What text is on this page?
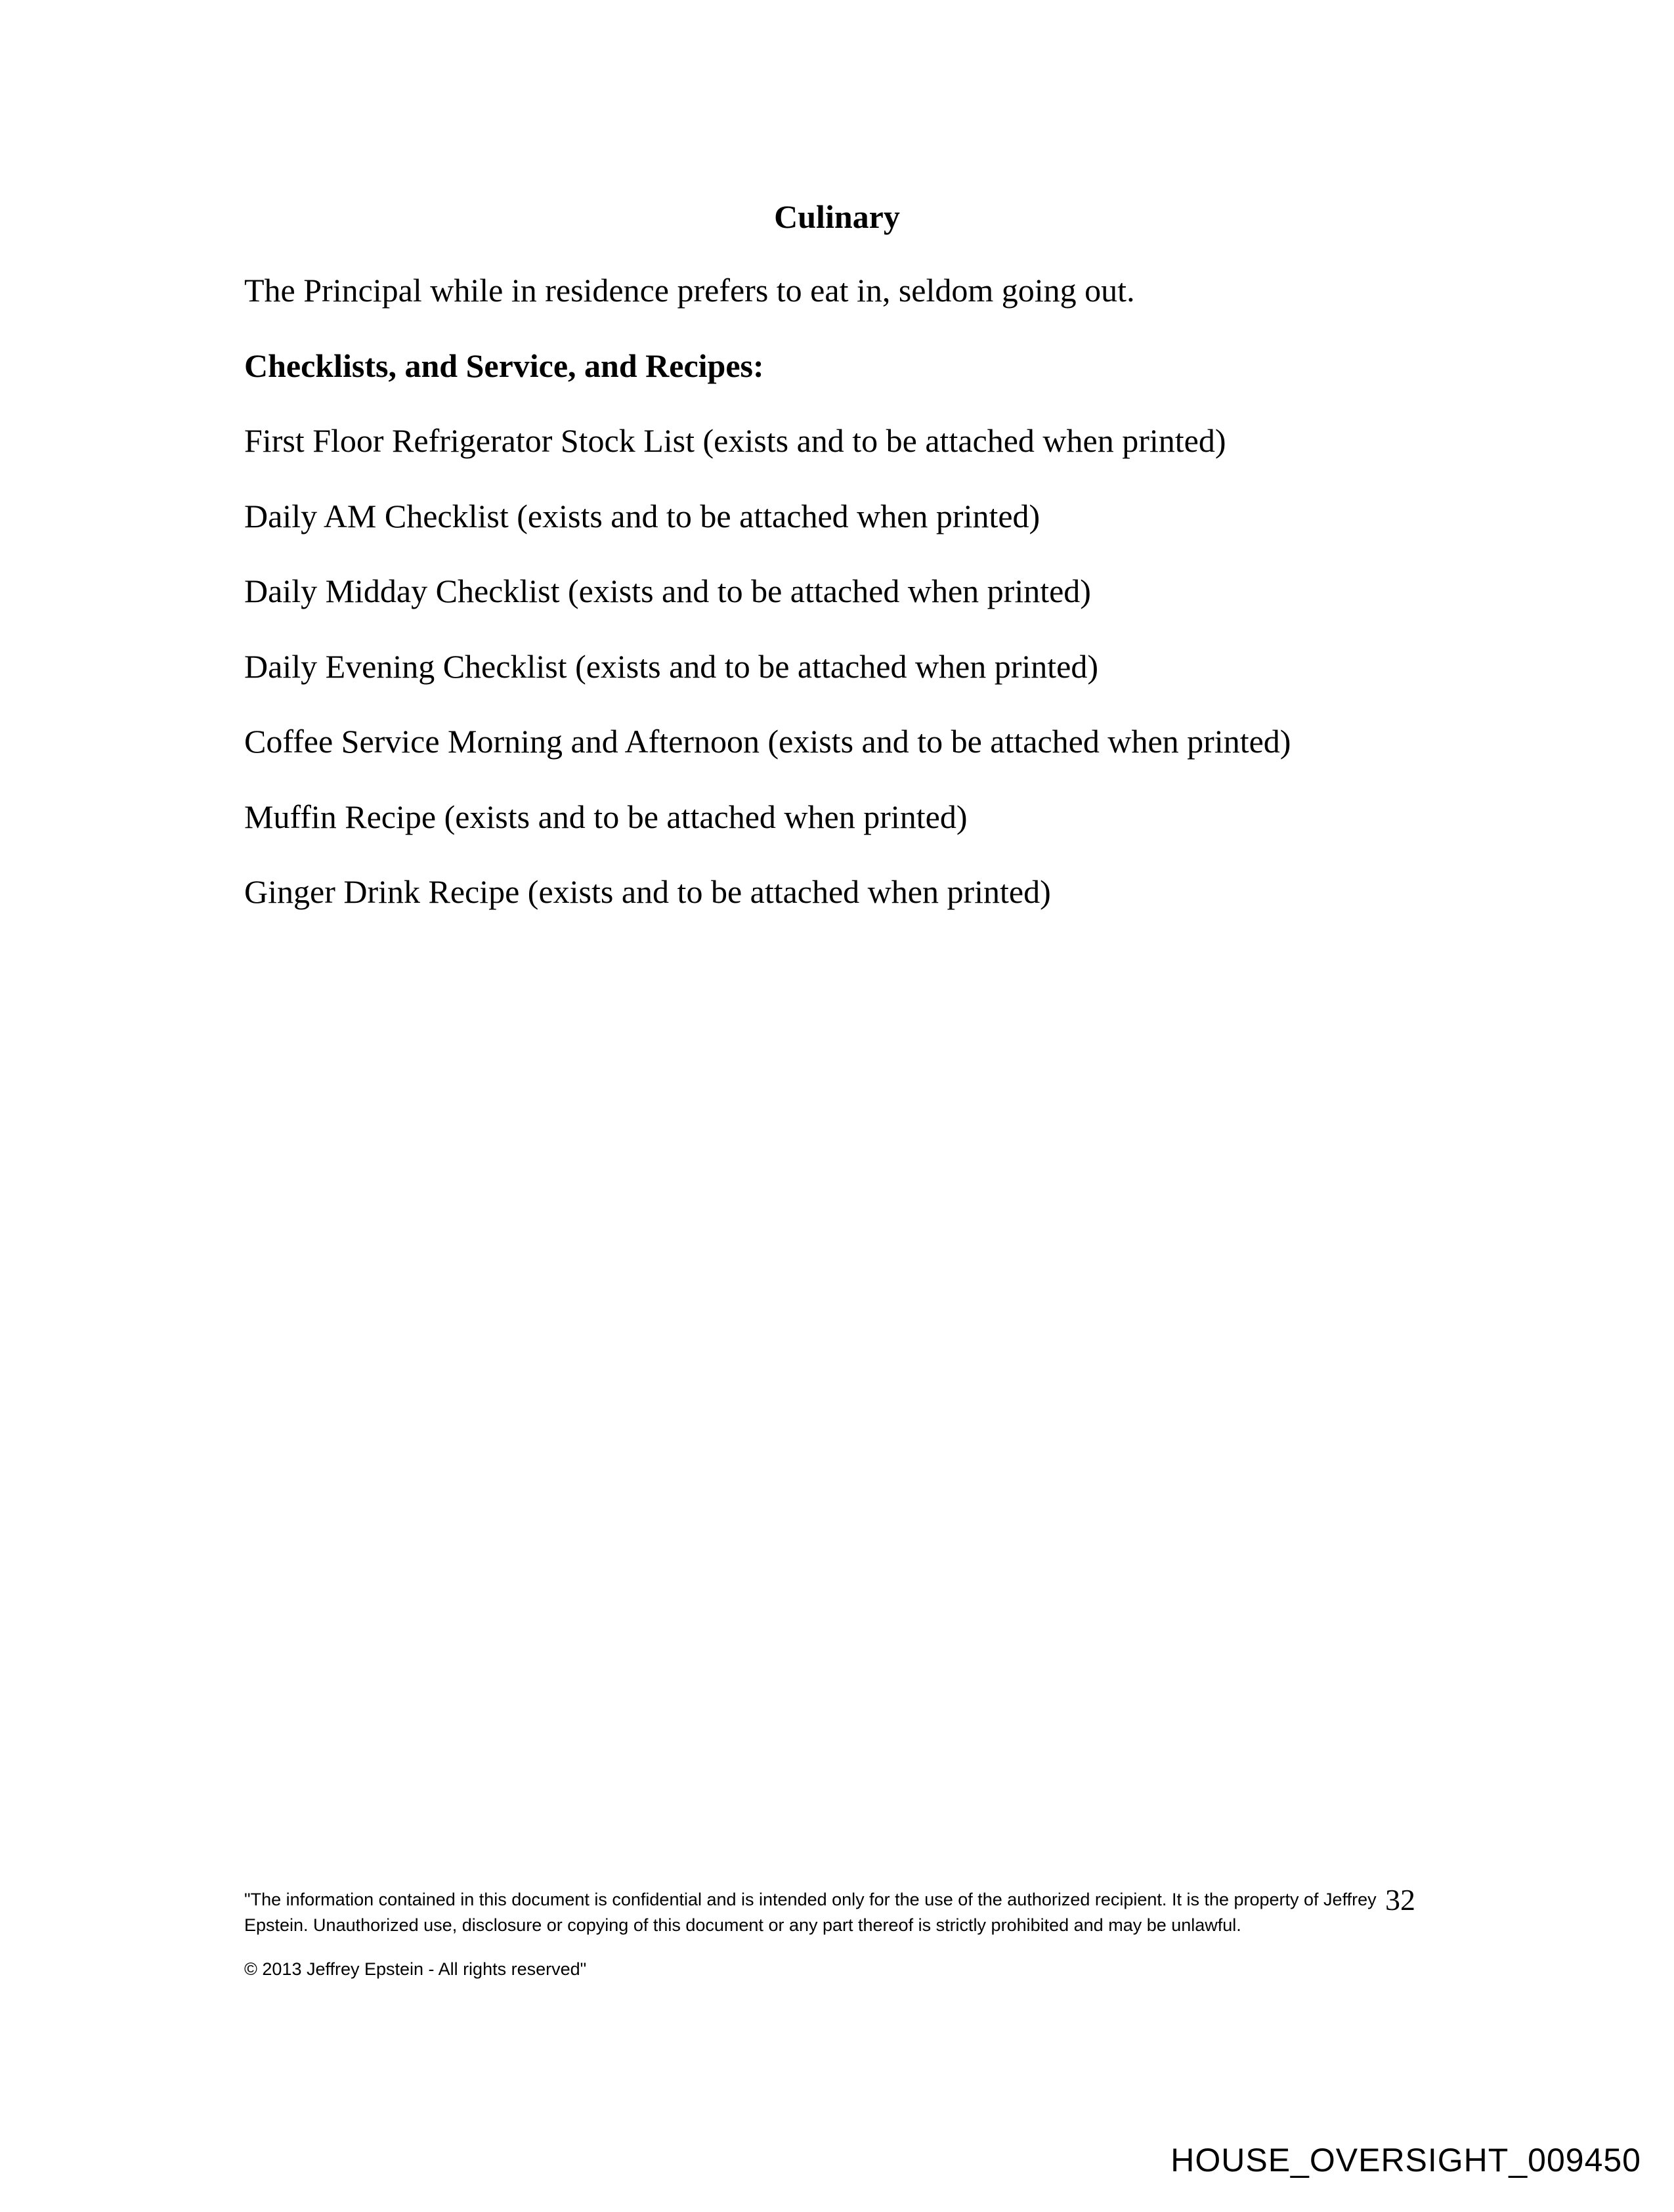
Culinary
The Principal while in residence prefers to eat in, seldom going out.
Checklists, and Service, and Recipes:
First Floor Refrigerator Stock List (exists and to be attached when printed)
Daily AM Checklist (exists and to be attached when printed)
Daily Midday Checklist (exists and to be attached when printed)
Daily Evening Checklist (exists and to be attached when printed)
Coffee Service Morning and Afternoon (exists and to be attached when printed)
Muffin Recipe (exists and to be attached when printed)
Ginger Drink Recipe (exists and to be attached when printed)
"The information contained in this document is confidential and is intended only for the use of the authorized recipient. It is the property of Jeffrey Epstein. Unauthorized use, disclosure or copying of this document or any part thereof is strictly prohibited and may be unlawful.
© 2013 Jeffrey Epstein - All rights reserved"
32
HOUSE_OVERSIGHT_009450
